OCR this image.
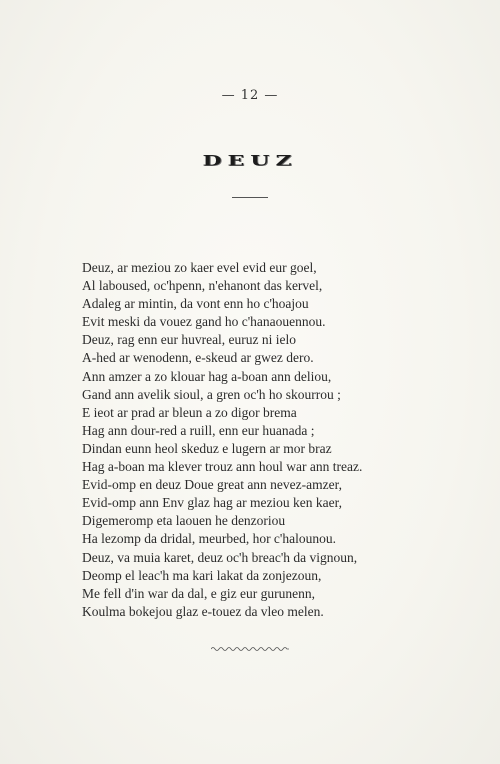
— 12 —
DEUZ
Deuz, ar meziou zo kaer evel evid eur goel,
Al laboused, oc'hpenn, n'ehanont das kervel,
Adaleg ar mintin, da vont enn ho c'hoajou
Evit meski da vouez gand ho c'hanaouennou.
Deuz, rag enn eur huvreal, euruz ni ielo
A-hed ar wenodenn, e-skeud ar gwez dero.
Ann amzer a zo klouar hag a-boan ann deliou,
Gand ann avelik sioul, a gren oc'h ho skourrou ;
E ieot ar prad ar bleun a zo digor brema
Hag ann dour-red a ruill, enn eur huanada ;
Dindan eunn heol skeduz e lugern ar mor braz
Hag a-boan ma klever trouz ann houl war ann treaz.
Evid-omp en deuz Doue great ann nevez-amzer,
Evid-omp ann Env glaz hag ar meziou ken kaer,
Digemeromp eta laouen he denzoriou
Ha lezomp da dridal, meurbed, hor c'halounou.
Deuz, va muia karet, deuz oc'h breac'h da vignoun,
Deomp el leac'h ma kari lakat da zonjezoun,
Me fell d'in war da dal, e giz eur gurunenn,
Koulma bokejou glaz e-touez da vleo melen.
